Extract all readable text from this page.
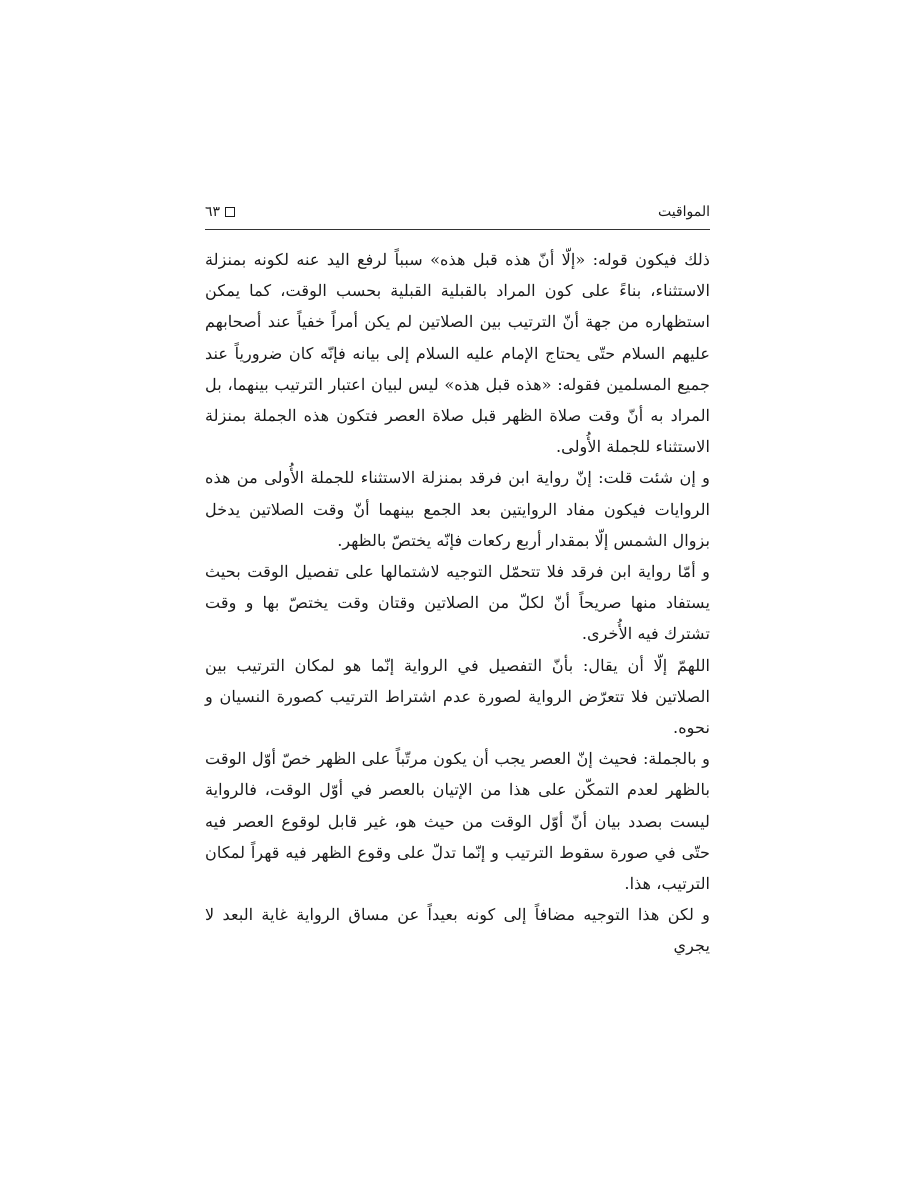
المواقيت
٦٣

ذلك فيكون قوله: «إلّا أنّ هذه قبل هذه» سبباً لرفع اليد عنه لكونه بمنزلة الاستثناء، بناءً على كون المراد بالقبلية القبلية بحسب الوقت، كما يمكن استظهاره من جهة أنّ الترتيب بين الصلاتين لم يكن أمراً خفياً عند أصحابهم عليهم السلام حتّى يحتاج الإمام عليه السلام إلى بيانه فإنّه كان ضرورياً عند جميع المسلمين فقوله: «هذه قبل هذه» ليس لبيان اعتبار الترتيب بينهما، بل المراد به أنّ وقت صلاة الظهر قبل صلاة العصر فتكون هذه الجملة بمنزلة الاستثناء للجملة الأُولى.

و إن شئت قلت: إنّ رواية ابن فرقد بمنزلة الاستثناء للجملة الأُولى من هذه الروايات فيكون مفاد الروايتين بعد الجمع بينهما أنّ وقت الصلاتين يدخل بزوال الشمس إلّا بمقدار أربع ركعات فإنّه يختصّ بالظهر.

و أمّا رواية ابن فرقد فلا تتحمّل التوجيه لاشتمالها على تفصيل الوقت بحيث يستفاد منها صريحاً أنّ لكلّ من الصلاتين وقتان وقت يختصّ بها و وقت تشترك فيه الأُخرى.

اللهمّ إلّا أن يقال: بأنّ التفصيل في الرواية إنّما هو لمكان الترتيب بين الصلاتين فلا تتعرّض الرواية لصورة عدم اشتراط الترتيب كصورة النسيان و نحوه.

و بالجملة: فحيث إنّ العصر يجب أن يكون مرتّباً على الظهر خصّ أوّل الوقت بالظهر لعدم التمكّن على هذا من الإتيان بالعصر في أوّل الوقت، فالرواية ليست بصدد بيان أنّ أوّل الوقت من حيث هو، غير قابل لوقوع العصر فيه حتّى في صورة سقوط الترتيب و إنّما تدلّ على وقوع الظهر فيه قهراً لمكان الترتيب، هذا.

و لكن هذا التوجيه مضافاً إلى كونه بعيداً عن مساق الرواية غاية البعد لا يجري
